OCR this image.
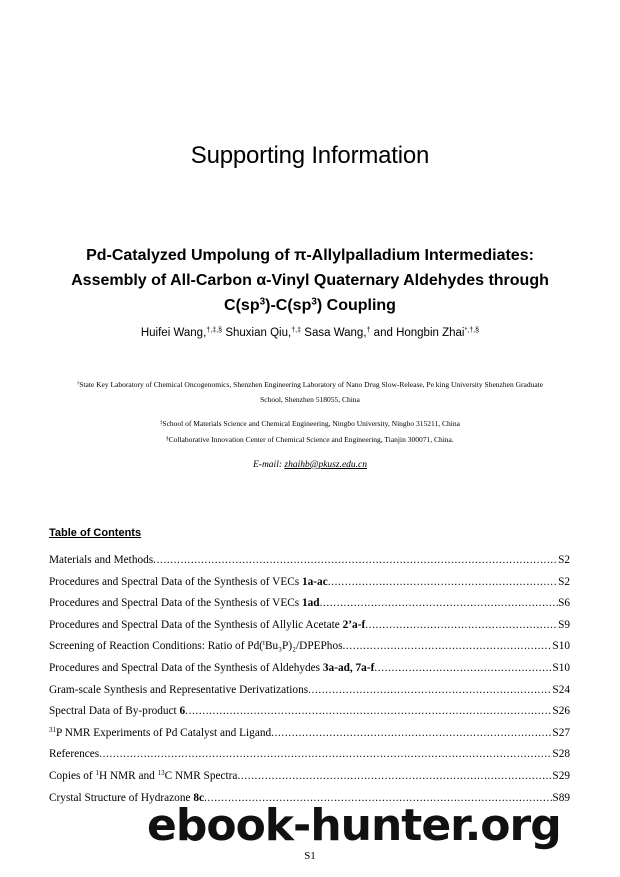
Supporting Information
Pd-Catalyzed Umpolung of π-Allylpalladium Intermediates:
Assembly of All-Carbon α-Vinyl Quaternary Aldehydes through
$C(sp^3)-C(sp^3)$ Coupling
Huifei Wang,†,‡,§ Shuxian Qiu,†,‡ Sasa Wang,† and Hongbin Zhai*,†,§
†State Key Laboratory of Chemical Oncogenomics, Shenzhen Engineering Laboratory of Nano Drug Slow-Release, Pe king University Shenzhen Graduate
School, Shenzhen 518055, China
‡School of Materials Science and Chemical Engineering, Ningbo University, Ningbo 315211, China
§Collaborative Innovation Center of Chemical Science and Engineering, Tianjin 300071, China.
E-mail: zhaihb@pkusz.edu.cn
Table of Contents
Materials and Methods .....	S2
Procedures and Spectral Data of the Synthesis of VECs 1a-ac .....	S2
Procedures and Spectral Data of the Synthesis of VECs 1ad .....	S6
Procedures and Spectral Data of the Synthesis of Allylic Acetate 2’a-f .....	S9
Screening of Reaction Conditions: Ratio of Pd($^t$Bu₃P)₂/DPEPhos .....	S10
Procedures and Spectral Data of the Synthesis of Aldehydes 3a-ad, 7a-f .....	S10
Gram-scale Synthesis and Representative Derivatizations .....	S24
Spectral Data of By-product 6 .....	S26
$^{31}$P NMR Experiments of Pd Catalyst and Ligand .....	S27
References .....	S28
Copies of $^1$H NMR and $^{13}$C NMR Spectra .....	S29
Crystal Structure of Hydrazone 8c .....	S89
S1
ebook-hunter.org
